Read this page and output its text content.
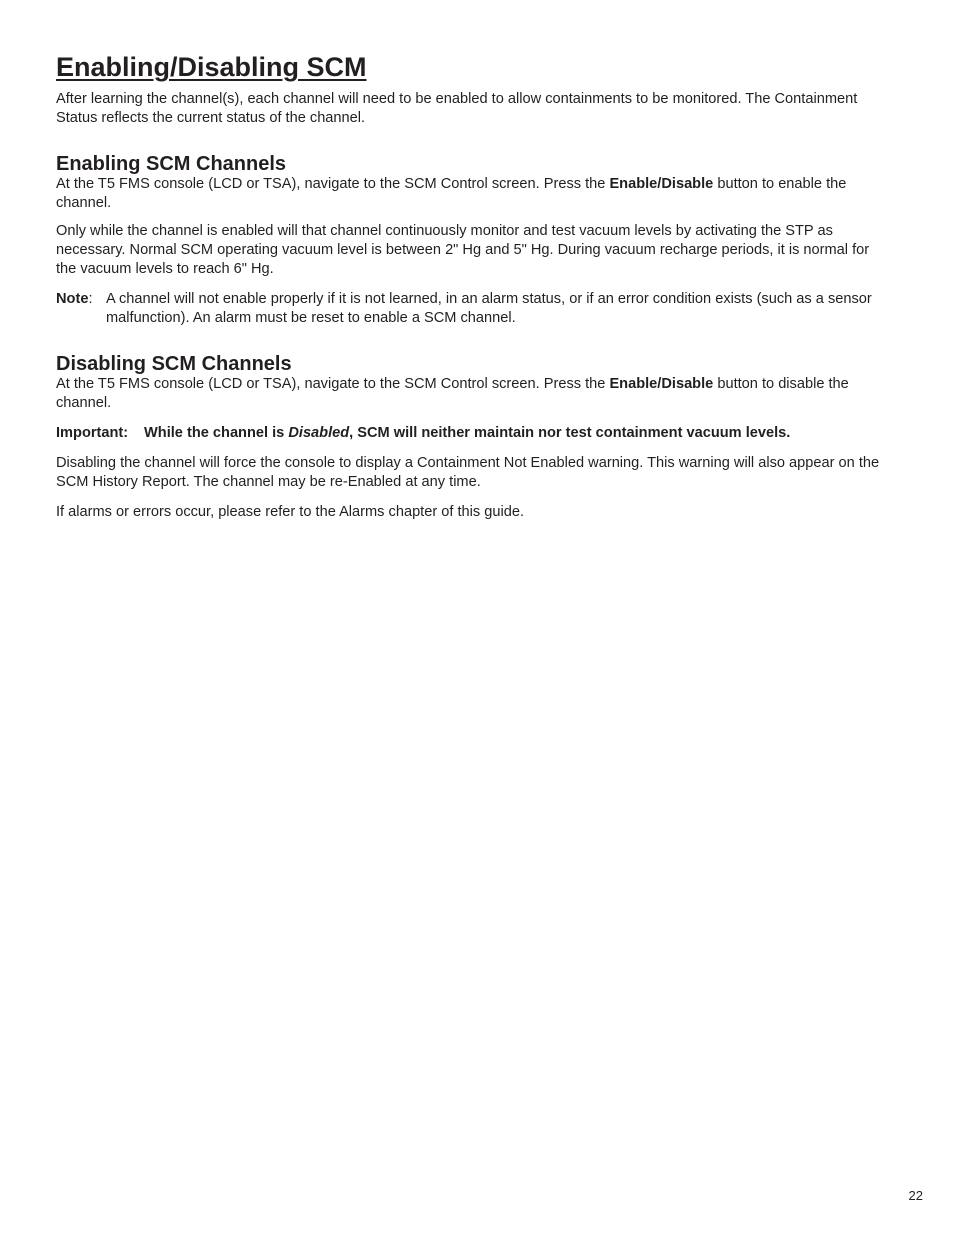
Enabling/Disabling SCM

After learning the channel(s), each channel will need to be enabled to allow containments to be monitored. The Containment Status reflects the current status of the channel.

Enabling SCM Channels

At the T5 FMS console (LCD or TSA), navigate to the SCM Control screen. Press the Enable/Disable button to enable the channel.

Only while the channel is enabled will that channel continuously monitor and test vacuum levels by activating the STP as necessary. Normal SCM operating vacuum level is between 2" Hg and 5" Hg. During vacuum recharge periods, it is normal for the vacuum levels to reach 6" Hg.

Note: A channel will not enable properly if it is not learned, in an alarm status, or if an error condition exists (such as a sensor malfunction). An alarm must be reset to enable a SCM channel.
Disabling SCM Channels

At the T5 FMS console (LCD or TSA), navigate to the SCM Control screen. Press the Enable/Disable button to disable the channel.

Important: While the channel is Disabled, SCM will neither maintain nor test containment vacuum levels.

Disabling the channel will force the console to display a Containment Not Enabled warning. This warning will also appear on the SCM History Report. The channel may be re-Enabled at any time.

If alarms or errors occur, please refer to the Alarms chapter of this guide.

22
